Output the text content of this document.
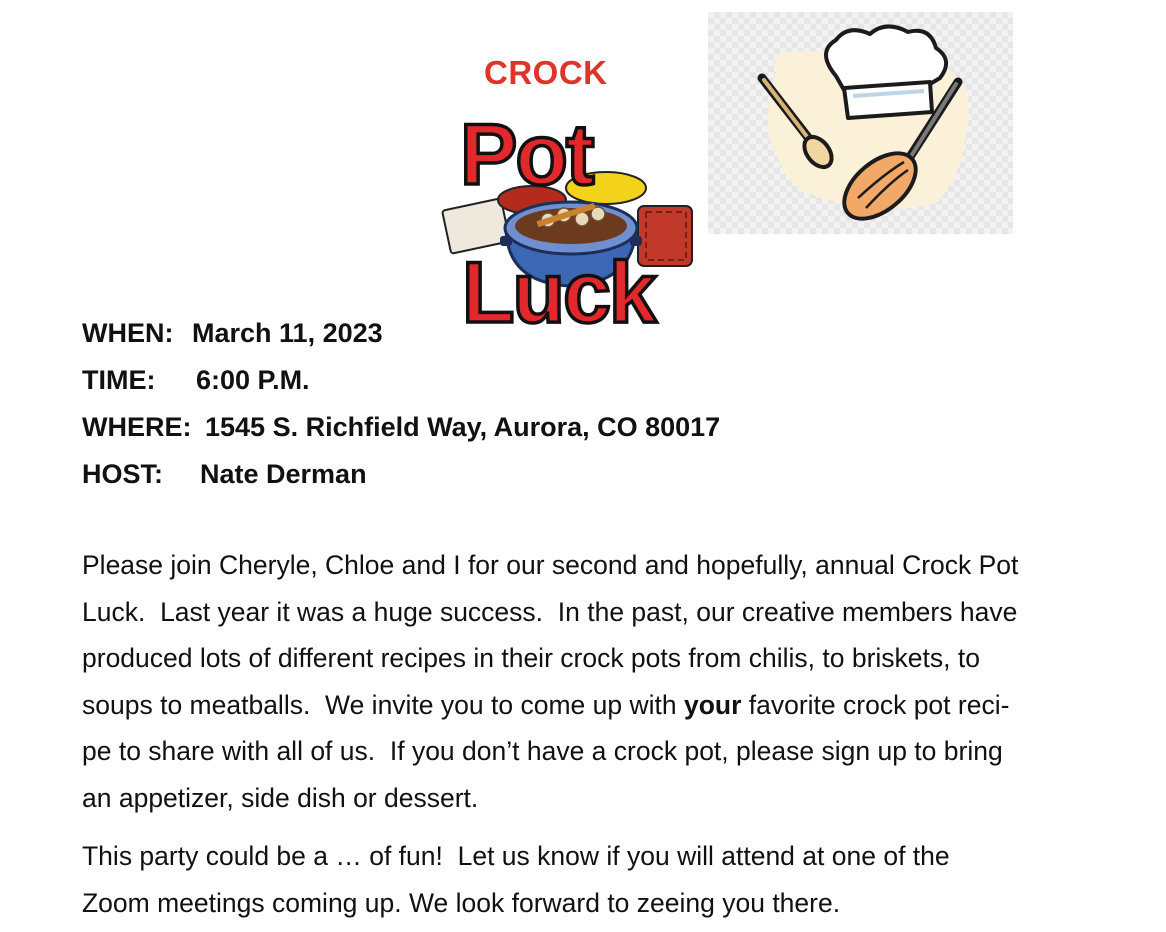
CROCK
Pot
Luck
WHEN: March 11, 2023
TIME: 6:00 P.M.
WHERE: 1545 S. Richfield Way, Aurora, CO 80017
HOST: Nate Derman
Please join Cheryle, Chloe and I for our second and hopefully, annual Crock Pot
Luck.  Last year it was a huge success.  In the past, our creative members have
produced lots of different recipes in their crock pots from chilis, to briskets, to
soups to meatballs.  We invite you to come up with your favorite crock pot reci-
pe to share with all of us.  If you don’t have a crock pot, please sign up to bring
an appetizer, side dish or dessert.
This party could be a … of fun!  Let us know if you will attend at one of the
Zoom meetings coming up. We look forward to zeeing you there.
